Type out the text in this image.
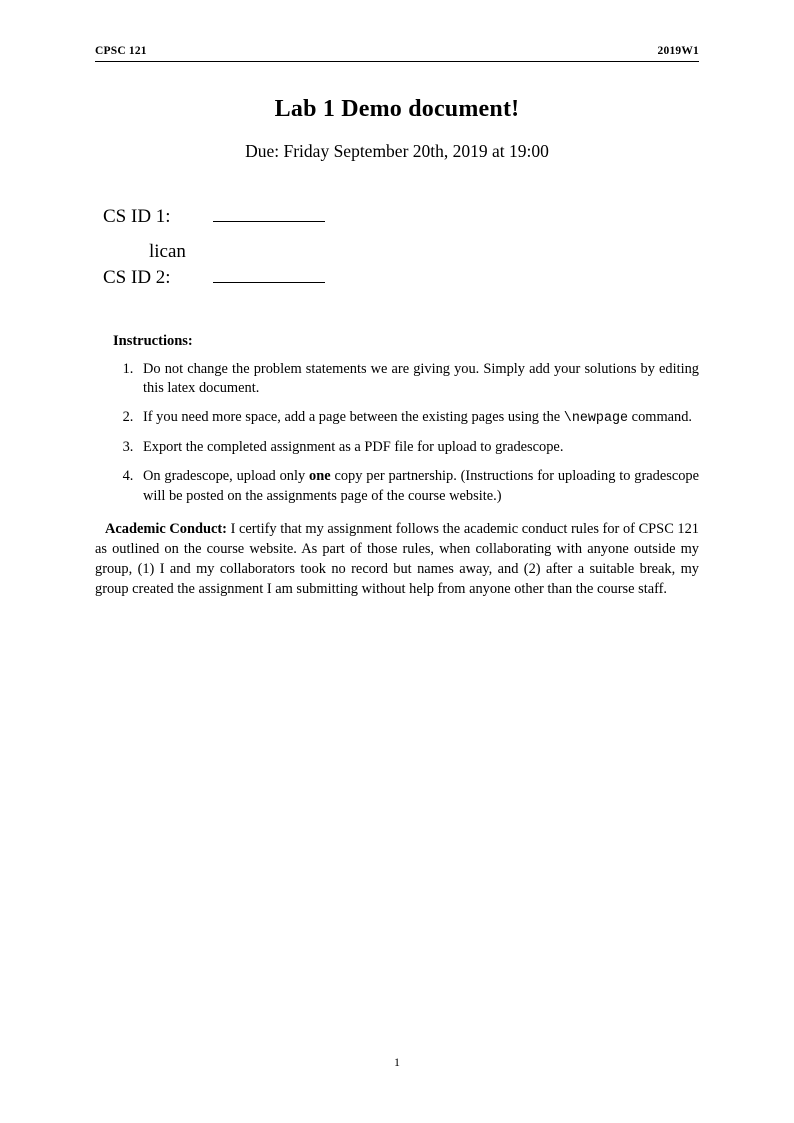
CPSC 121	2019W1
Lab 1 Demo document!
Due: Friday September 20th, 2019 at 19:00
CS ID 1:
lican
CS ID 2:
Instructions:
1. Do not change the problem statements we are giving you. Simply add your solutions by editing this latex document.
2. If you need more space, add a page between the existing pages using the \newpage command.
3. Export the completed assignment as a PDF file for upload to gradescope.
4. On gradescope, upload only one copy per partnership. (Instructions for uploading to gradescope will be posted on the assignments page of the course website.)
Academic Conduct: I certify that my assignment follows the academic conduct rules for of CPSC 121 as outlined on the course website. As part of those rules, when collaborating with anyone outside my group, (1) I and my collaborators took no record but names away, and (2) after a suitable break, my group created the assignment I am submitting without help from anyone other than the course staff.
1
